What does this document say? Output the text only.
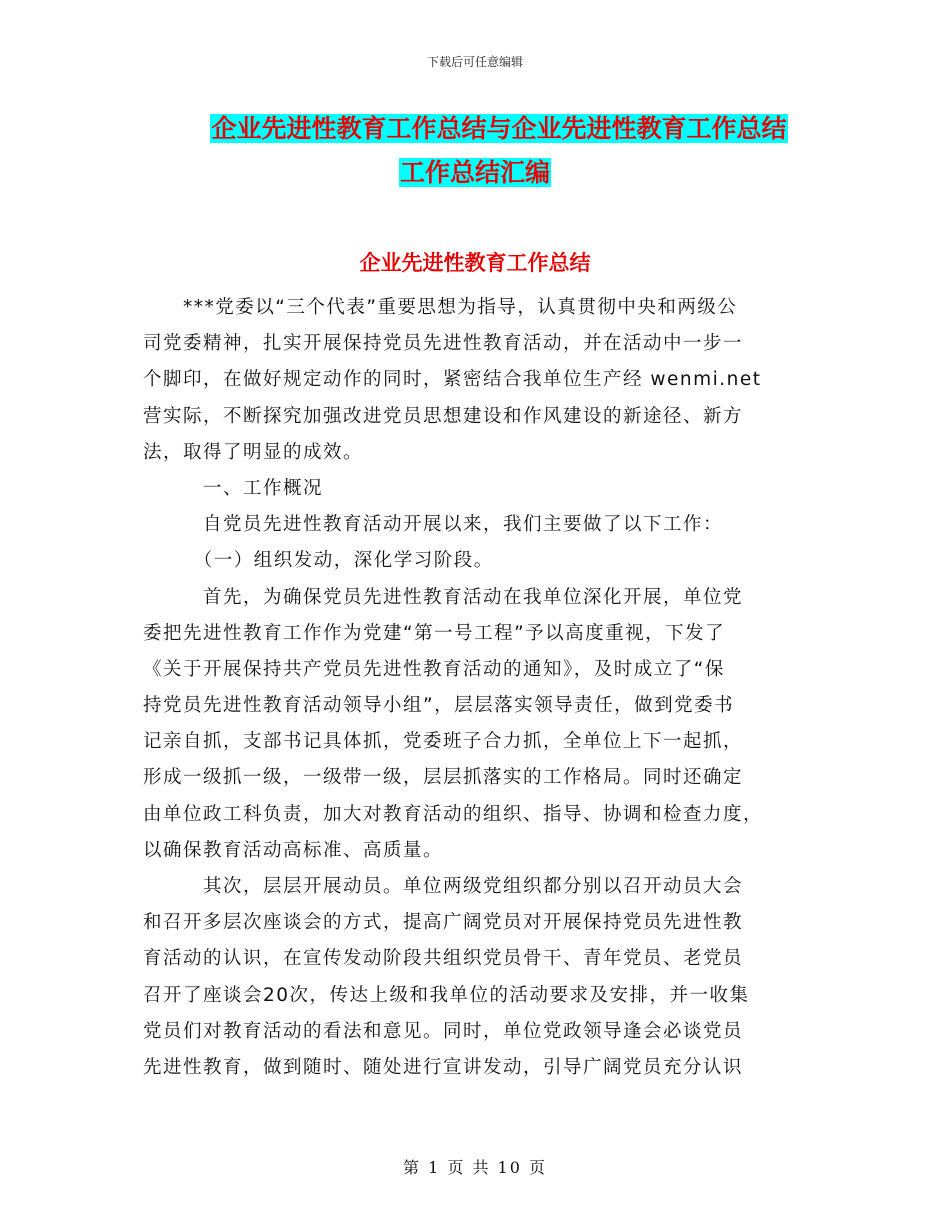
下载后可任意编辑
企业先进性教育工作总结与企业先进性教育工作总结
工作总结汇编
企业先进性教育工作总结
　　***党委以“三个代表”重要思想为指导，认真贯彻中央和两级公
司党委精神，扎实开展保持党员先进性教育活动，并在活动中一步一
个脚印，在做好规定动作的同时，紧密结合我单位生产经 wenmi.net
营实际，不断探究加强改进党员思想建设和作风建设的新途径、新方
法，取得了明显的成效。
　　　一、工作概况
　　　自党员先进性教育活动开展以来，我们主要做了以下工作：
　　　（一）组织发动，深化学习阶段。
　　　首先，为确保党员先进性教育活动在我单位深化开展，单位党
委把先进性教育工作作为党建“第一号工程”予以高度重视，下发了
《关于开展保持共产党员先进性教育活动的通知》，及时成立了“保
持党员先进性教育活动领导小组”，层层落实领导责任，做到党委书
记亲自抓，支部书记具体抓，党委班子合力抓，全单位上下一起抓，
形成一级抓一级，一级带一级，层层抓落实的工作格局。同时还确定
由单位政工科负责，加大对教育活动的组织、指导、协调和检查力度，
以确保教育活动高标准、高质量。
　　　其次，层层开展动员。单位两级党组织都分别以召开动员大会
和召开多层次座谈会的方式，提高广阔党员对开展保持党员先进性教
育活动的认识，在宣传发动阶段共组织党员骨干、青年党员、老党员
召开了座谈会20次，传达上级和我单位的活动要求及安排，并一收集
党员们对教育活动的看法和意见。同时，单位党政领导逢会必谈党员
先进性教育，做到随时、随处进行宣讲发动，引导广阔党员充分认识
第 1 页 共 10 页
